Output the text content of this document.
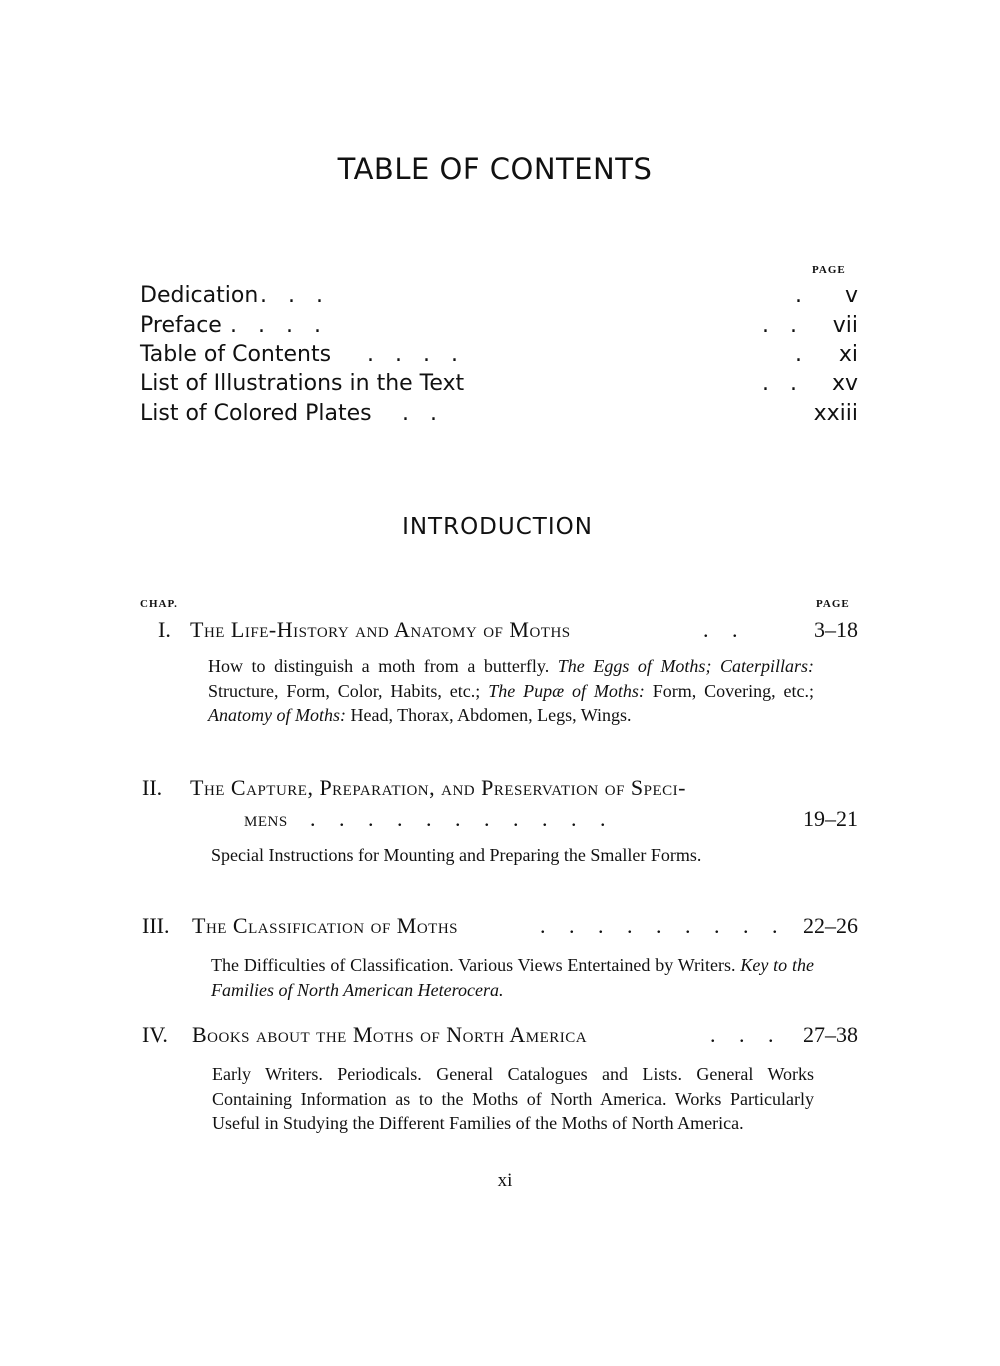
TABLE OF CONTENTS
PAGE
Dedication . . .	. v
Preface . . . .	. . vii
Table of Contents . . . .	. xi
List of Illustrations in the Text	. . xv
List of Colored Plates . .	xxiii
INTRODUCTION
CHAP.	PAGE
I. The Life-History and Anatomy of Moths	. .	3–18
How to distinguish a moth from a butterfly. The Eggs of Moths; Caterpillars: Structure, Form, Color, Habits, etc.; The Pupæ of Moths: Form, Covering, etc.; Anatomy of Moths: Head, Thorax, Abdomen, Legs, Wings.
II. The Capture, Preparation, and Preservation of Speci-
mens . . . . . . . . . . .	19–21
Special Instructions for Mounting and Preparing the Smaller Forms.
III. The Classification of Moths	. . . . . . . . . 22–26
The Difficulties of Classification. Various Views Entertained by Writers. Key to the Families of North American Heterocera.
IV. Books about the Moths of North America	. . . 27–38
Early Writers. Periodicals. General Catalogues and Lists. General Works Containing Information as to the Moths of North America. Works Particularly Useful in Studying the Different Families of the Moths of North America.
xi
